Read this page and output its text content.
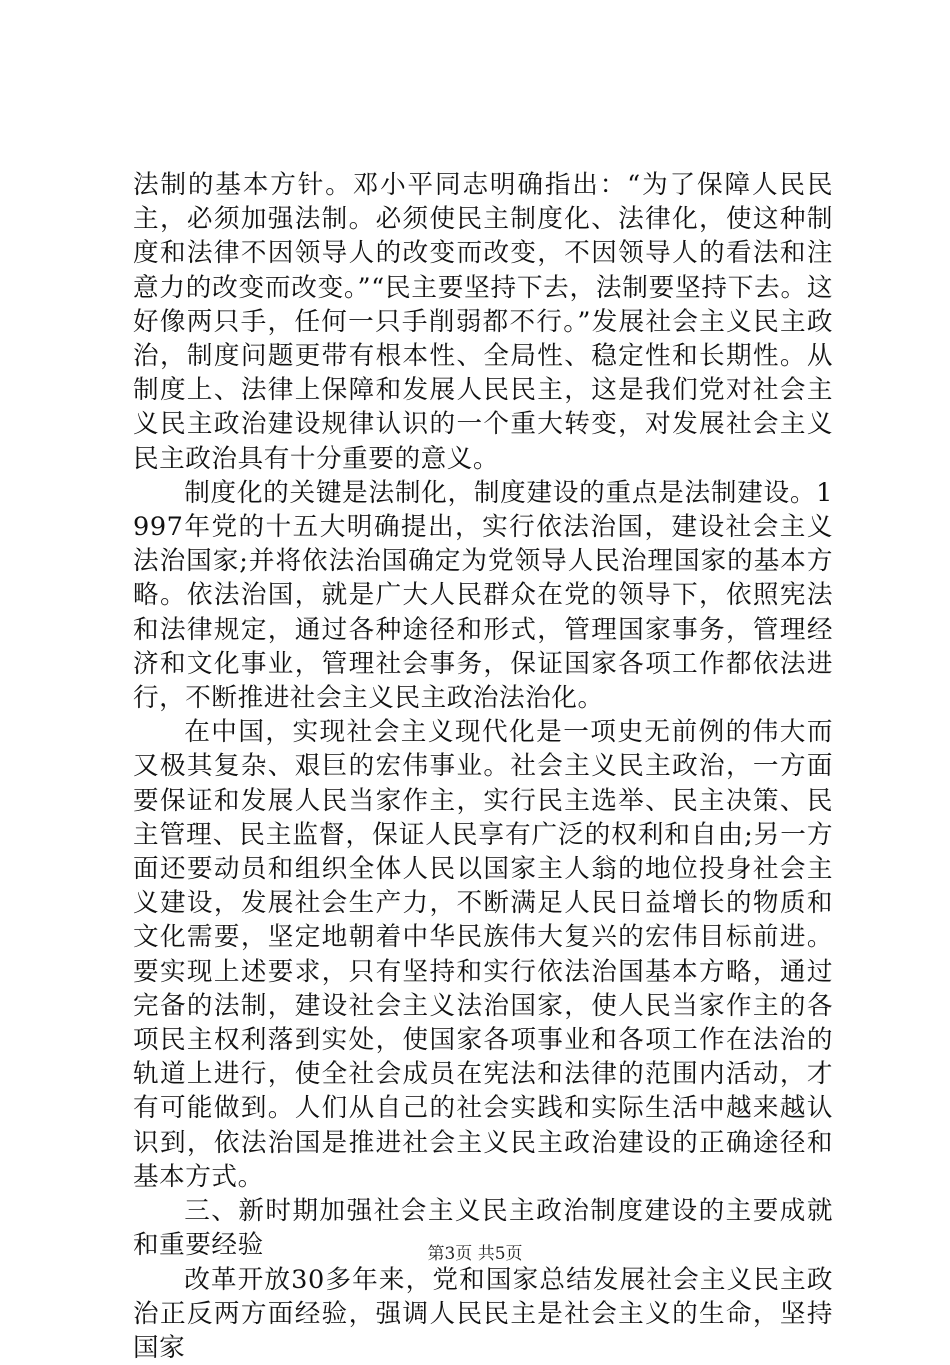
法制的基本方针。邓小平同志明确指出：“为了保障人民民主，必须加强法制。必须使民主制度化、法律化，使这种制度和法律不因领导人的改变而改变，不因领导人的看法和注意力的改变而改变。”“民主要坚持下去，法制要坚持下去。这好像两只手，任何一只手削弱都不行。”发展社会主义民主政治，制度问题更带有根本性、全局性、稳定性和长期性。从制度上、法律上保障和发展人民民主，这是我们党对社会主义民主政治建设规律认识的一个重大转变，对发展社会主义民主政治具有十分重要的意义。

制度化的关键是法制化，制度建设的重点是法制建设。1997年党的十五大明确提出，实行依法治国，建设社会主义法治国家;并将依法治国确定为党领导人民治理国家的基本方略。依法治国，就是广大人民群众在党的领导下，依照宪法和法律规定，通过各种途径和形式，管理国家事务，管理经济和文化事业，管理社会事务，保证国家各项工作都依法进行，不断推进社会主义民主政治法治化。

在中国，实现社会主义现代化是一项史无前例的伟大而又极其复杂、艰巨的宏伟事业。社会主义民主政治，一方面要保证和发展人民当家作主，实行民主选举、民主决策、民主管理、民主监督，保证人民享有广泛的权利和自由;另一方面还要动员和组织全体人民以国家主人翁的地位投身社会主义建设，发展社会生产力，不断满足人民日益增长的物质和文化需要，坚定地朝着中华民族伟大复兴的宏伟目标前进。要实现上述要求，只有坚持和实行依法治国基本方略，通过完备的法制，建设社会主义法治国家，使人民当家作主的各项民主权利落到实处，使国家各项事业和各项工作在法治的轨道上进行，使全社会成员在宪法和法律的范围内活动，才有可能做到。人们从自己的社会实践和实际生活中越来越认识到，依法治国是推进社会主义民主政治建设的正确途径和基本方式。

三、新时期加强社会主义民主政治制度建设的主要成就和重要经验

改革开放30多年来，党和国家总结发展社会主义民主政治正反两方面经验，强调人民民主是社会主义的生命，坚持国家

第3页 共5页
